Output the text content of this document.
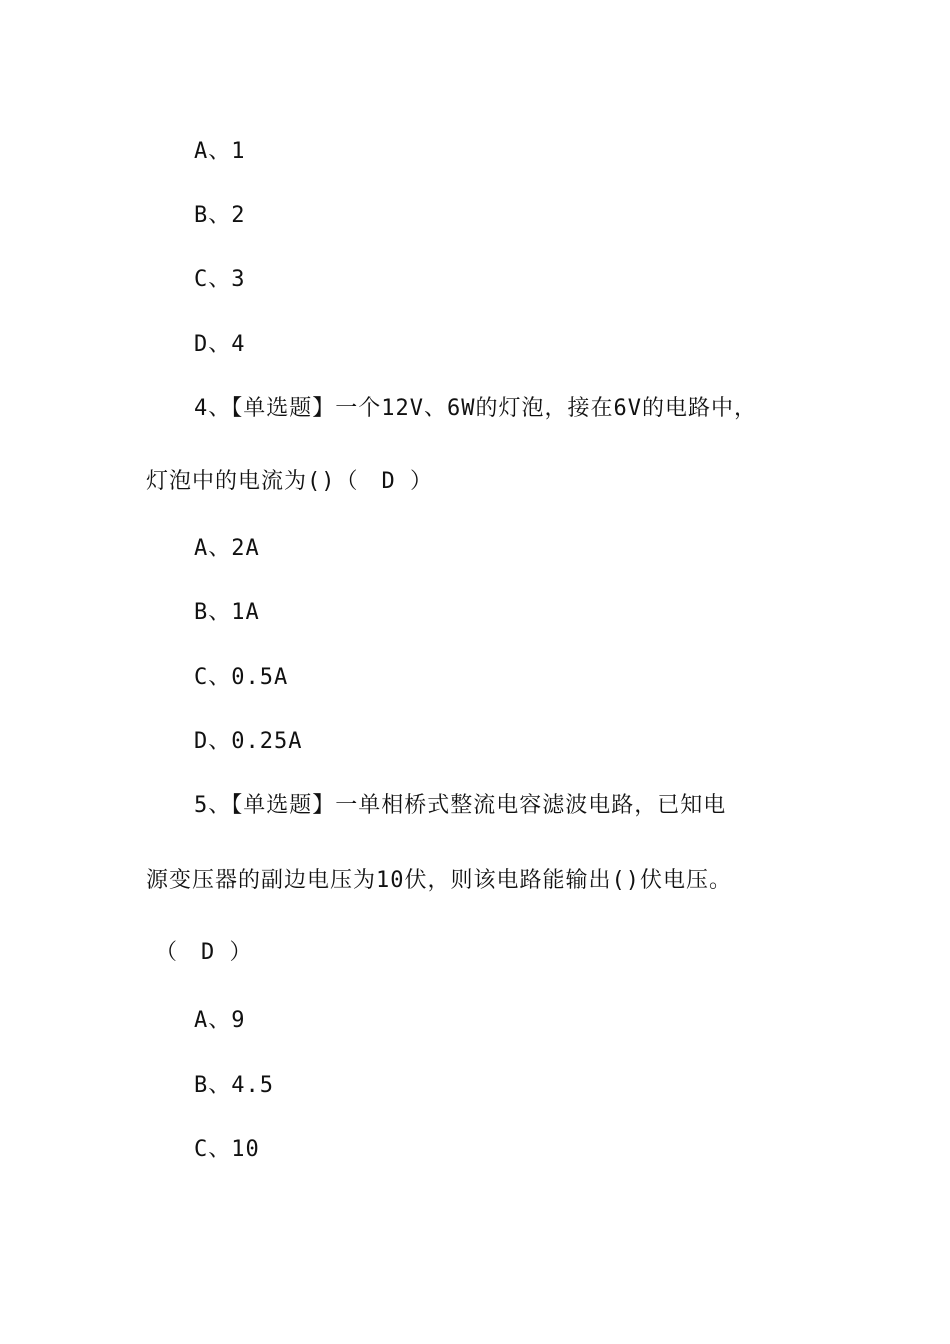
A、1
B、2
C、3
D、4
4、【单选题】一个12V、6W的灯泡，接在6V的电路中，
灯泡中的电流为()（　D ）
A、2A
B、1A
C、0.5A
D、0.25A
5、【单选题】一单相桥式整流电容滤波电路，已知电
源变压器的副边电压为10伏，则该电路能输出()伏电压。
（　D ）
A、9
B、4.5
C、10
